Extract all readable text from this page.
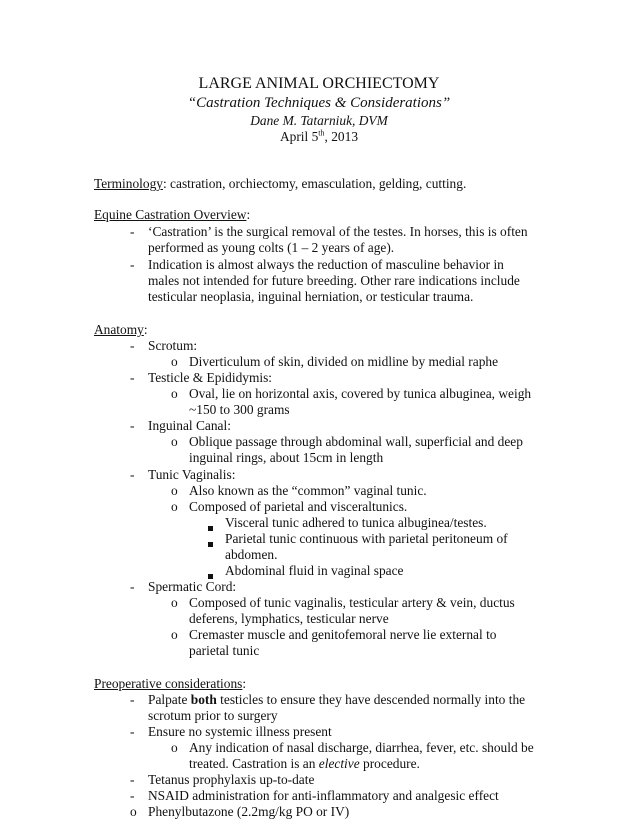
LARGE ANIMAL ORCHIECTOMY
“Castration Techniques & Considerations”
Dane M. Tatarniuk, DVM
April 5th, 2013
Terminology: castration, orchiectomy, emasculation, gelding, cutting.
Equine Castration Overview:
- ‘Castration’ is the surgical removal of the testes. In horses, this is often
performed as young colts (1 – 2 years of age).
- Indication is almost always the reduction of masculine behavior in
males not intended for future breeding. Other rare indications include
testicular neoplasia, inguinal herniation, or testicular trauma.
Anatomy:
- Scrotum:
o Diverticulum of skin, divided on midline by medial raphe
- Testicle & Epididymis:
o Oval, lie on horizontal axis, covered by tunica albuginea, weigh
~150 to 300 grams
- Inguinal Canal:
o Oblique passage through abdominal wall, superficial and deep
inguinal rings, about 15cm in length
- Tunic Vaginalis:
o Also known as the “common” vaginal tunic.
o Composed of parietal and visceraltunics.
Visceral tunic adhered to tunica albuginea/testes.
Parietal tunic continuous with parietal peritoneum of
abdomen.
Abdominal fluid in vaginal space
- Spermatic Cord:
o Composed of tunic vaginalis, testicular artery & vein, ductus
deferens, lymphatics, testicular nerve
o Cremaster muscle and genitofemoral nerve lie external to
parietal tunic
Preoperative considerations:
- Palpate both testicles to ensure they have descended normally into the
scrotum prior to surgery
- Ensure no systemic illness present
o Any indication of nasal discharge, diarrhea, fever, etc. should be
treated. Castration is an elective procedure.
- Tetanus prophylaxis up-to-date
- NSAID administration for anti-inflammatory and analgesic effect
o Phenylbutazone (2.2mg/kg PO or IV)
